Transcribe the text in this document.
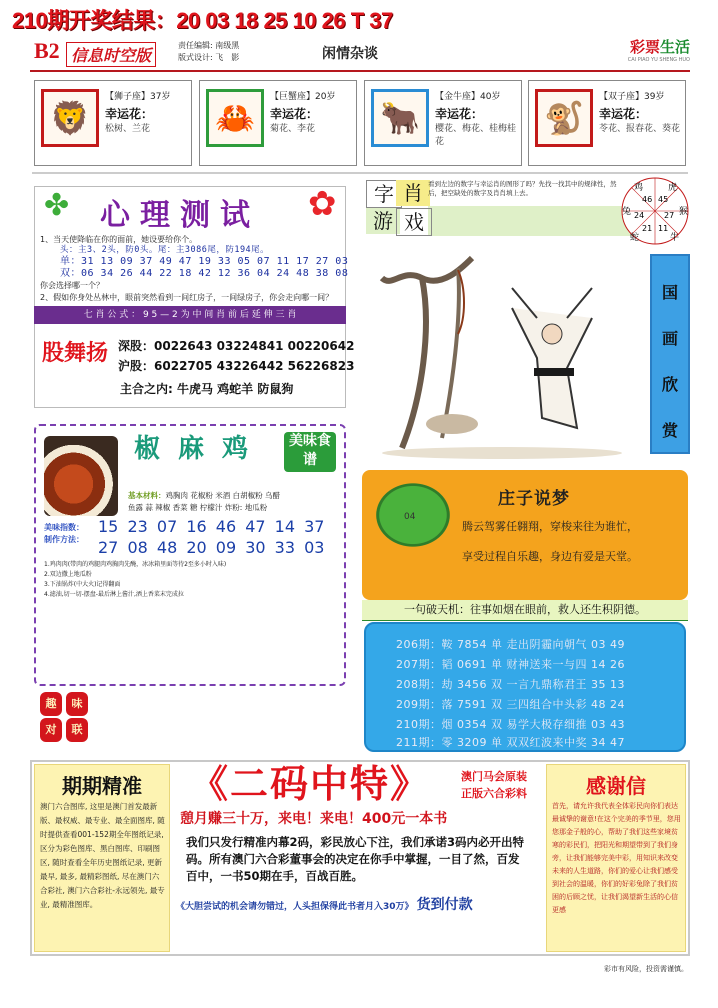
210期开奖结果：20 03 18 25 10 26 T 37
B2 信息时空版
责任编辑: 南级黑
版式设计: 飞　影	闲情杂谈	彩票生活
CAI PIAO YU SHENG HUO
🦁
【狮子座】37岁
幸运花：
松树、兰花	🦀
【巨蟹座】20岁
幸运花：
菊花、李花	🐂
【金牛座】40岁
幸运花：
樱花、梅花、桂梅桂花
🐒
【双子座】39岁
幸运花：
苓花、报春花、葵花
✤	✿
心理测试
1、当天使降临在你的面前，她设要给你个。
头：主3、2头，防0头。尾：主3086尾，防194尾。
单：31 13 09 37 49 47 19 33 05 07 11 17 27 03
双：06 34 26 44 22 18 42 12 36 04 24 48 38 08
你会选择哪一个？
2、假如你身处丛林中，眼前突然看到一间红房子，一间绿房子，你会走向哪一间？
七 肖 公 式 ： 9 5 — 2 为 中 间 肖 前 后 延 伸 三 肖
股舞扬 深股：0022643 03224841 00220642
沪股：6022705 43226442 56226823
主合之内: 牛虎马 鸡蛇羊 防鼠狗
字 肖
游 戏
看到左边的数字与幸运肖的图形了吗？先找一找其中的规律性，然后，把空缺处的数字及肖肖填上去。	鸡	虎
兔	猴
蛇	牛
46 45
24 27
21 11
国
画
欣
赏
椒麻鸡	美味食谱
基本材料：鸡胸肉 花椒粉 米酒 白胡椒粉 乌醋
鱼露 蒜 辣椒 香菜 糖 柠檬汁 炸粉: 地瓜粉
美味指数：
制作方法：
15 23 07 16 46 47 14 37
27 08 48 20 09 30 33 03
1.鸡肉肉(带肉的鸡腿肉鸡胸肉先醃，冰冰箱里面等待2至多小时入味)
2.双边撒上地瓜粉
3.下油锅炸(中大火)记得翻面
4.滤油,切一切-摆盘-最后淋上酱汁,洒上香菜末完成拉
趣	味
对	联
04
庄子说梦
腾云驾雾任翱翔，穿梭来往为谁忙，
享受过程自乐趣，身边有爱是天堂。
一句破天机：往事如烟在眼前，救人还生积阴德。
206期：鞍 7854 单 走出阴霾向朝气 03 49
207期：韬 0691 单 财神送来一与四 14 26
208期：劫 3456 双 一言九鼎称君王 35 13
209期：落 7591 双 三四组合中头彩 48 24
210期：烟 0354 双 易学大极存细推 03 43
211期：零 3209 单 双双红波来中奖 34 47
期期精准
澳门六合图库, 这里是澳门首发最新版、最权威、最专业、最全面图库, 随时提供查看001-152期全年图纸记录, 区分为彩色图库、黑白图库、印刷图区, 随时查看全年历史图纸记录, 更新最早, 最多, 最精彩图纸, 尽在澳门六合彩社, 澳门六合彩社-永远领先, 最专业, 最精准图库。
《二码中特》	澳门马会原装
正版六合彩料
憩月赚三十万，来电！来电！400元一本书
我们只发行精准内幕2码，彩民放心下注，我们承诺3码内必开出特码。所有澳门六合彩董事会的决定在你手中掌握，一目了然，百发百中，一书50期在手，百战百胜。
《大胆尝试的机会请勿错过，人头担保得此书者月入30万》 货到付款
感谢信
首先，请允许我代表全体彩民向你们表达最诚挚的谢意!在这个完美的季节里，您用您那金子般的心，帮助了我们这些家境贫寒的彩民们，把阳光和期望带到了我们身旁，让我们能够完美中彩，用知识来改变未来的人生道路，你们的爱心让我们感受到社会的温暖，你们的好彩兔除了我们贫困的后顾之忧，让我们渴望新生活的心信更感
彩市有风险，投资需谨慎。
